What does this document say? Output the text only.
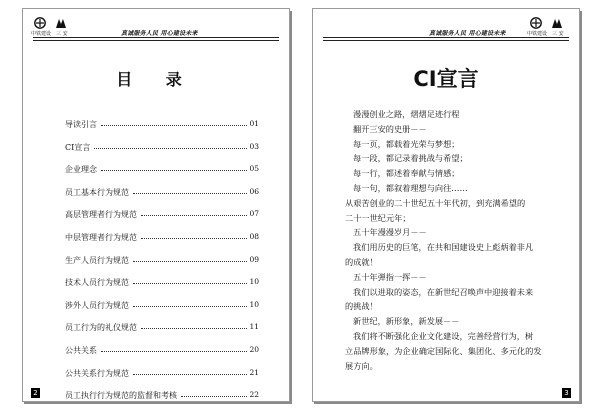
中铁建设 三 安	真诚服务人民 用心建设未来
目 录
导读引言	01
CI宣言	03
企业理念	05
员工基本行为规范	06
高层管理者行为规范	07
中层管理者行为规范	08
生产人员行为规范	09
技术人员行为规范	10
涉外人员行为规范	10
员工行为的礼仪规范	11
公共关系	20
公共关系行为规范	21
员工执行行为规范的监督和考核	22
2
真诚服务人民 用心建设未来	中铁建设 三 安
CI宣言
漫漫创业之路，熠熠足迹行程
翻开三安的史册－－
每一页，都载着光荣与梦想；
每一段，都记录着挑战与希望；
每一行，都述着奉献与情感；
每一句，都叙着理想与向往……
从艰苦创业的二十世纪五十年代初，到充满希望的
二十一世纪元年；
五十年漫漫岁月－－
我们用历史的巨笔，在共和国建设史上彪炳着非凡
的成就！
五十年弹指一挥－－
我们以进取的姿态，在新世纪召唤声中迎接着未来
的挑战！
新世纪，新形象，新发展－－
我们将不断强化企业文化建设，完善经营行为，树
立品牌形象，为企业确定国际化、集团化、多元化的发
展方向。
3
